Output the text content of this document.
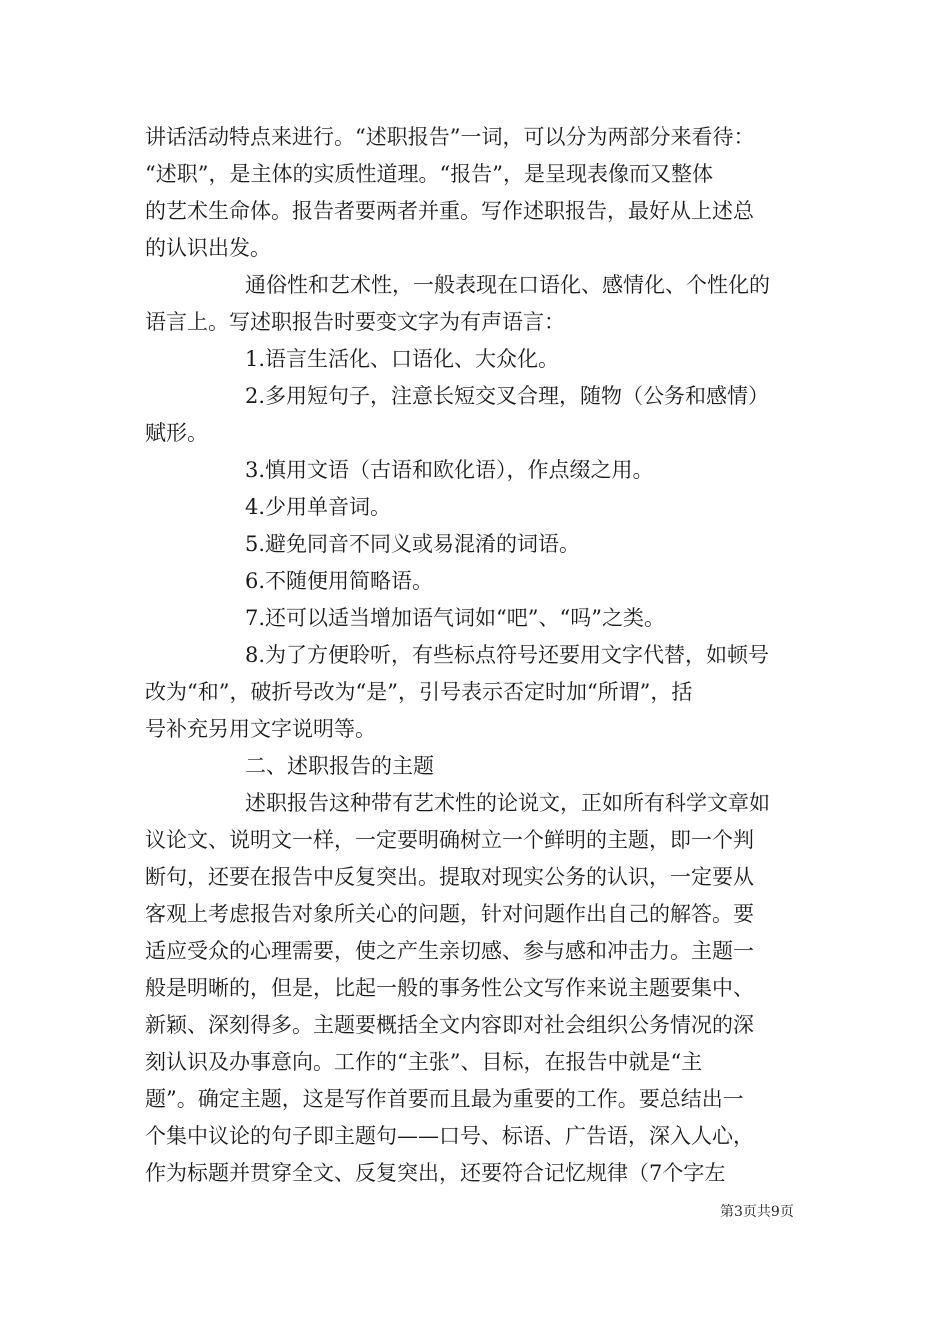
讲话活动特点来进行。“述职报告”一词，可以分为两部分来看待：
“述职”，是主体的实质性道理。“报告”，是呈现表像而又整体
的艺术生命体。报告者要两者并重。写作述职报告，最好从上述总
的认识出发。
通俗性和艺术性，一般表现在口语化、感情化、个性化的
语言上。写述职报告时要变文字为有声语言：
1.语言生活化、口语化、大众化。
2.多用短句子，注意长短交叉合理，随物（公务和感情）
赋形。
3.慎用文语（古语和欧化语），作点缀之用。
4.少用单音词。
5.避免同音不同义或易混淆的词语。
6.不随便用简略语。
7.还可以适当增加语气词如“吧”、“吗”之类。
8.为了方便聆听，有些标点符号还要用文字代替，如顿号
改为“和”，破折号改为“是”，引号表示否定时加“所谓”，括
号补充另用文字说明等。
二、述职报告的主题
述职报告这种带有艺术性的论说文，正如所有科学文章如
议论文、说明文一样，一定要明确树立一个鲜明的主题，即一个判
断句，还要在报告中反复突出。提取对现实公务的认识，一定要从
客观上考虑报告对象所关心的问题，针对问题作出自己的解答。要
适应受众的心理需要，使之产生亲切感、参与感和冲击力。主题一
般是明晰的，但是，比起一般的事务性公文写作来说主题要集中、
新颖、深刻得多。主题要概括全文内容即对社会组织公务情况的深
刻认识及办事意向。工作的“主张”、目标，在报告中就是“主
题”。确定主题，这是写作首要而且最为重要的工作。要总结出一
个集中议论的句子即主题句——口号、标语、广告语，深入人心，
作为标题并贯穿全文、反复突出，还要符合记忆规律（7个字左
第3页共9页
